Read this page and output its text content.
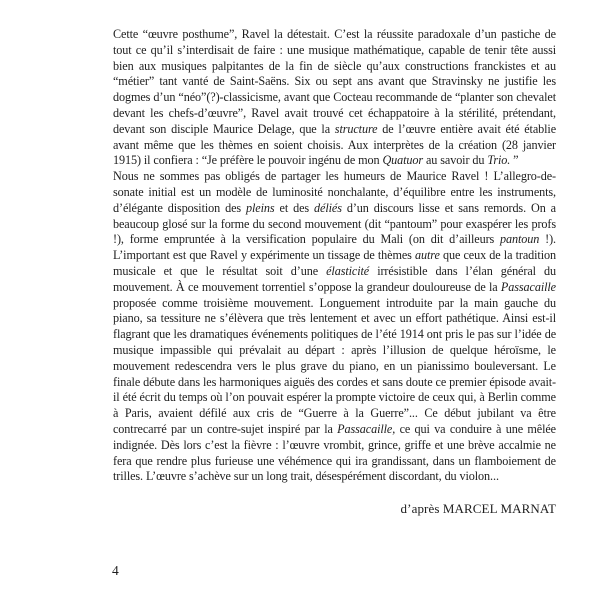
Cette “œuvre posthume”, Ravel la détestait. C’est la réussite paradoxale d’un pastiche de tout ce qu’il s’interdisait de faire : une musique mathématique, capable de tenir tête aussi bien aux musiques palpitantes de la fin de siècle qu’aux constructions franckistes et au “métier” tant vanté de Saint-Saëns. Six ou sept ans avant que Stravinsky ne justifie les dogmes d’un “néo”(?)-classicisme, avant que Cocteau recommande de “planter son chevalet devant les chefs-d’œuvre”, Ravel avait trouvé cet échappatoire à la stérilité, prétendant, devant son disciple Maurice Delage, que la structure de l’œuvre entière avait été établie avant même que les thèmes en soient choisis. Aux interprètes de la création (28 janvier 1915) il confiera : “Je préfère le pouvoir ingénu de mon Quatuor au savoir du Trio. ”

Nous ne sommes pas obligés de partager les humeurs de Maurice Ravel ! L’allegro-de-sonate initial est un modèle de luminosité nonchalante, d’équilibre entre les instruments, d’élégante disposition des pleins et des déliés d’un discours lisse et sans remords. On a beaucoup glosé sur la forme du second mouvement (dit “pantoum” pour exaspérer les profs !), forme empruntée à la versification populaire du Mali (on dit d’ailleurs pantoun !). L’important est que Ravel y expérimente un tissage de thèmes autre que ceux de la tradition musicale et que le résultat soit d’une élasticité irrésistible dans l’élan général du mouvement. À ce mouvement torrentiel s’oppose la grandeur douloureuse de la Passacaille proposée comme troisième mouvement. Longuement introduite par la main gauche du piano, sa tessiture ne s’élèvera que très lentement et avec un effort pathétique. Ainsi est-il flagrant que les dramatiques événements politiques de l’été 1914 ont pris le pas sur l’idée de musique impassible qui prévalait au départ : après l’illusion de quelque héroïsme, le mouvement redescendra vers le plus grave du piano, en un pianissimo bouleversant. Le finale débute dans les harmoniques aiguës des cordes et sans doute ce premier épisode avait-il été écrit du temps où l’on pouvait espérer la prompte victoire de ceux qui, à Berlin comme à Paris, avaient défilé aux cris de “Guerre à la Guerre”... Ce début jubilant va être contrecarré par un contre-sujet inspiré par la Passacaille, ce qui va conduire à une mêlée indignée. Dès lors c’est la fièvre : l’œuvre vrombit, grince, griffe et une brève accalmie ne fera que rendre plus furieuse une véhémence qui ira grandissant, dans un flamboiement de trilles. L’œuvre s’achève sur un long trait, désespérément discordant, du violon...

d’après MARCEL MARNAT

4
